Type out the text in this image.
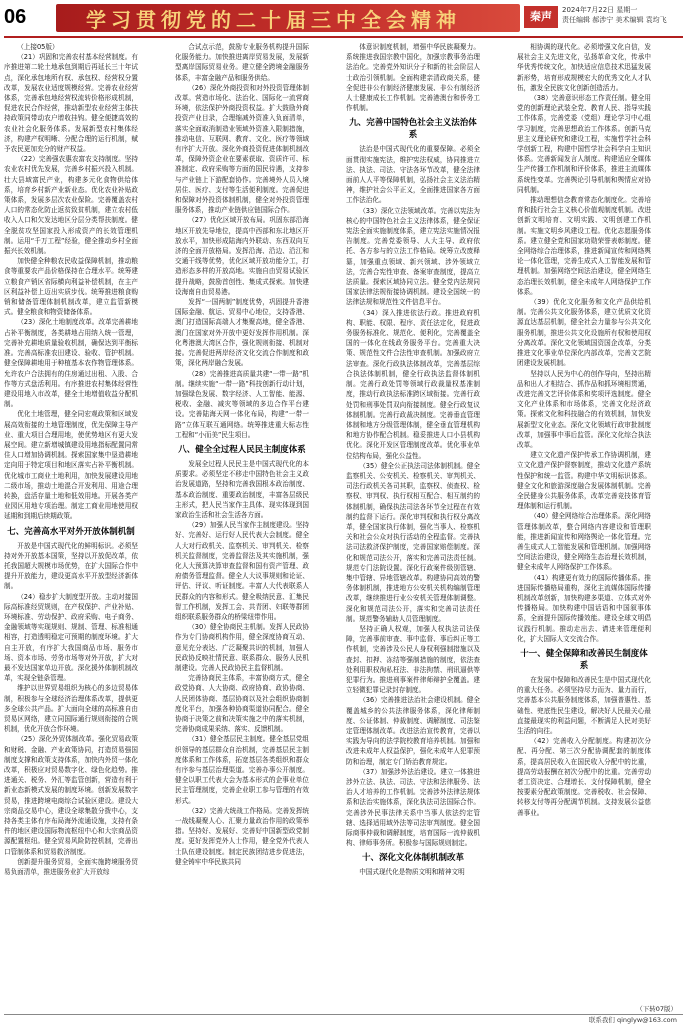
06	学习贯彻党的二十届三中全会精神	秦声	2024年7月22日 星期一
责任编辑 郝涉宁 美术编辑 袁均飞

（上接05版）

（21）巩固和完善农村基本经营制度。有序推进第二轮土地承包到期后再延长三十年试点，深化承包地所有权、承包权、经营权分置改革，发展农业适度规模经营。完善农业经营体系，完善承包地经营权流转价格形成机制，促进农民合作经营，推动新型农业经营主体扶持政策同带动农户增收挂钩。健全便捷高效的农业社会化服务体系。发展新型农村集体经济，构建产权明晰、分配合理的运行机制，赋予农民更加充分的财产权益。

（22）完善强农惠农富农支持制度。坚持农业农村优先发展，完善乡村振兴投入机制。壮大县域富民产业，构建多元化食物供给体系，培育乡村新产业新业态。优化农业补贴政策体系，发展多层次农业保险。完善覆盖农村人口的常态化防止返贫致贫机制，建立农村低收入人口和欠发达地区分层分类帮扶制度。健全脱贫攻坚国家投入形成资产的长效管理机制。运用“千万工程”经验，健全推动乡村全面振兴长效机制。

加快健全种粮农民收益保障机制，推动粮食等重要农产品价格保持在合理水平。统筹建立粮食产销区省际横向利益补偿机制，在主产区利益补偿上迈出实质步伐。统筹推进粮食购销和储备管理体制机制改革，建立监管新模式。健全粮食和物资储备体系。

（23）深化土地制度改革。改革完善耕地占补平衡制度，各类耕地占用纳入统一管理，完善补充耕地质量验收机制，确保达到平衡标准。完善高标准农田建设、验收、管护机制。健全保障耕地用于种植基本农作物管理体系。允许农户合法拥有的住房通过出租、入股、合作等方式盘活利用。有序推进农村集体经营性建设用地入市改革，健全土地增值收益分配机制。

优化土地管理，健全同宏观政策和区域发展高效衔接的土地管理制度，优先保障主导产业、重大项目合理用地，使优势地区有更大发展空间。建立新增城镇建设用地指标配置同常住人口增加协调机制。探索国家集中垦造耕地定向用于特定项目和地区落实占补平衡机制。优化城市工商业土地利用，加快发展建设用地二级市场，推动土地混合开发利用、用途合理转换，盘活存量土地和低效用地。开展各类产业园区用地专项治理。制定工商业用地使用权延期和到期后续期政策。

七、完善高水平对外开放体制机制

开放是中国式现代化的鲜明标识。必须坚持对外开放基本国策，坚持以开放促改革，依托我国超大规模市场优势，在扩大国际合作中提升开放能力，建设更高水平开放型经济新体制。

（24）稳步扩大制度型开放。主动对接国际高标准经贸规则，在产权保护、产业补贴、环境标准、劳动保护、政府采购、电子商务、金融领域等实现规则、规制、管理、标准相通相容，打造透明稳定可预期的制度环境。扩大自主开放，有序扩大我国商品市场、服务市场、资本市场、劳务市场等对外开放，扩大对最不发达国家单边开放。深化援外体制机制改革，实现全链条管理。

维护以世界贸易组织为核心的多边贸易体制，积极参与全球经济治理体系改革，提供更多全球公共产品。扩大面向全球的高标准自由贸易区网络，建立同国际通行规则衔接的合规机制，优化开放合作环境。

（25）深化外贸体制改革。强化贸易政策和财税、金融、产业政策协同，打造贸易强国制度支撑和政策支持体系，加快内外贸一体化改革，积极应对贸易数字化、绿色化趋势。推进通关、税务、外汇等监管创新，营造有利于新业态新模式发展的制度环境。创新发展数字贸易，推进跨境电商综合试验区建设。建设大宗商品交易中心，建设全球集散分拨中心，支持各类主体有序布局海外流通设施，支持有条件的地区建设国际物流枢纽中心和大宗商品资源配置枢纽。健全贸易风险防控机制，完善出口管制体系和贸易救济制度。

创新提升服务贸易，全面实施跨境服务贸易负面清单，推进服务业扩大开放综

合试点示范，鼓励专业服务机构提升国际化服务能力。加快推进离岸贸易发展，发展新型离岸国际贸易业务。建立健全跨境金融服务体系，丰富金融产品和服务供给。

（26）深化外商投资和对外投资管理体制改革。营造市场化、法治化、国际化一流营商环境，依法保护外商投资权益。扩大鼓励外商投资产业目录，合理缩减外资准入负面清单，落实全面取消制造业领域外资准入限制措施，推动电信、互联网、教育、文化、医疗等领域有序扩大开放。深化外商投资促进体制机制改革，保障外资企业在要素获取、资质许可、标准制定、政府采购等方面的国民待遇，支持参与产业链上下游配套协作。完善境外人员入境居住、医疗、支付等生活便利制度。完善促进和保障对外投资体制机制，健全对外投资管理服务体系，推动产业链供应链国际合作。

（27）优化区域开放布局。巩固东部沿海地区开放先导地位，提高中西部和东北地区开放水平，加快形成陆海内外联动、东西双向互济的全面开放格局。发挥沿海、沿边、沿江和交通干线等优势，优化区域开放功能分工，打造形态多样的开放高地。实施自由贸易试验区提升战略，鼓励首创性、集成式探索。加快建设海南自由贸易港。

发挥“一国两制”制度优势，巩固提升香港国际金融、航运、贸易中心地位，支持香港、澳门打造国际高端人才集聚高地，健全香港、澳门在国家对外开放中更好发挥作用机制。深化粤港澳大湾区合作，强化规则衔接、机制对接。完善促进两岸经济文化交流合作制度和政策，深化两岸融合发展。

（28）完善推进高质量共建“一带一路”机制。继续实施“一带一路”科技创新行动计划，加强绿色发展、数字经济、人工智能、能源、税收、金融、减灾等领域的多边合作平台建设。完善陆海天网一体化布局，构建“一带一路”立体互联互通网络。统筹推进重大标志性工程和“小而美”民生项目。

八、健全全过程人民民主制度体系

发展全过程人民民主是中国式现代化的本质要求。必须坚定不移走中国特色社会主义政治发展道路，坚持和完善我国根本政治制度、基本政治制度、重要政治制度，丰富各层级民主形式，把人民当家作主具体、现实体现到国家政治生活和社会生活各方面。

（29）加强人民当家作主制度建设。坚持好、完善好、运行好人民代表大会制度。健全人大对行政机关、监察机关、审判机关、检察机关监督制度，完善监督法及其实施机制，强化人大预算决算审查监督和国有资产管理、政府债务管理监督。健全人大议事规则和论证、评估、评议、听证制度。丰富人大代表联系人民群众的内容和形式。健全吸纳民意、汇集民智工作机制，发挥工会、共青团、妇联等群团组织联系服务群众的桥梁纽带作用。

（30）健全协商民主机制。发挥人民政协作为专门协商机构作用，健全深度协商互动、意见充分表达、广泛凝聚共识的机制，加强人民政协反映社情民意、联系群众、服务人民机制建设。完善人民政协民主监督机制。

完善协商民主体系，丰富协商方式，健全政党协商、人大协商、政府协商、政协协商、人民团体协商、基层协商以及社会组织协商制度化平台，加强各种协商渠道协同配合。健全协商于决策之前和决策实施之中的落实机制，完善协商成果采纳、落实、反馈机制。

（31）健全基层民主制度。健全基层党组织领导的基层群众自治机制，完善基层民主制度体系和工作体系，拓宽基层各类组织和群众有序参与基层治理渠道。完善办事公开制度。健全以职工代表大会为基本形式的企事业单位民主管理制度，完善企业职工参与管理的有效形式。

（32）完善大统战工作格局。完善发挥统一战线凝聚人心、汇聚力量政治作用的政策举措。坚持好、发展好、完善好中国新型政党制度。更好发挥党外人士作用，健全党外代表人士队伍建设制度。制定民族团结进步促进法，健全铸牢中华民族共同

体意识制度机制，增强中华民族凝聚力。系统推进我国宗教中国化，加强宗教事务治理法治化。完善党外知识分子和新的社会阶层人士政治引领机制。全面构建亲清政商关系，健全促进非公有制经济健康发展、非公有制经济人士健康成长工作机制。完善港澳台和侨务工作机制。

九、完善中国特色社会主义法治体系

法治是中国式现代化的重要保障。必须全面贯彻实施宪法，维护宪法权威，协同推进立法、执法、司法、守法各环节改革，健全法律面前人人平等保障机制，弘扬社会主义法治精神，维护社会公平正义，全面推进国家各方面工作法治化。

（33）深化立法领域改革。完善以宪法为核心的中国特色社会主义法律体系，健全保证宪法全面实施制度体系，建立宪法实施情况报告制度。完善党委领导、人大主导、政府依托、各方参与的立法工作格局。统筹立改废释纂，加强重点领域、新兴领域、涉外领域立法，完善合宪性审查、备案审查制度，提高立法质量。探索区域协同立法。健全党内法规同国家法律法规衔接协调机制。建设全国统一的法律法规和规范性文件信息平台。

（34）深入推进依法行政。推进政府机构、职能、权限、程序、责任法定化，促进政务服务标准化、规范化、便利化，完善覆盖全国的一体化在线政务服务平台。完善重大决策、规范性文件合法性审查机制。加强政府立法审查。深化行政执法体制改革，完善基层综合执法体制机制，健全行政执法监督体制机制。完善行政处罚等领域行政裁量权基准制度，推动行政执法标准跨区域衔接。完善行政处罚和刑事处罚双向衔接制度。健全行政复议体制机制。完善行政裁决制度。完善垂直管理体制和地方分级管理体制，健全垂直管理机构和地方协作配合机制。稳妥推进人口小县机构优化。深化开发区管理制度改革。优化事业单位结构布局，强化公益性。

（35）健全公正执法司法体制机制。健全监察机关、公安机关、检察机关、审判机关、司法行政机关各司其职，监察权、侦查权、检察权、审判权、执行权相互配合、相互制约的体制机制，确保执法司法各环节全过程在有效制约监督下运行。深化审判权和执行权分离改革，健全国家执行体制，强化当事人、检察机关和社会公众对执行活动的全程监督。完善执法司法救济保护制度，完善国家赔偿制度。深化和规范司法公开，落实和完善司法责任制。规范专门法院设置。深化行政案件级别管辖、集中管辖、异地管辖改革。构建协同高效的警务体制机制，推进地方公安机关机构编制管理改革，继续推进行业公安机关管理体制调整。深化和规范司法公开，落实和完善司法责任制。规范警务辅助人员管理制度。

坚持正确人权观，加强人权执法司法保障，完善事前审查、事中监督、事后纠正等工作机制，完善涉及公民人身权利强制措施以及查封、扣押、冻结等强制措施的制度，依法查处利用职权徇私枉法、非法拘禁、刑讯逼供等犯罪行为。推进刑事案件律师辩护全覆盖。建立轻微犯罪记录封存制度。

（36）完善推进法治社会建设机制。健全覆盖城乡的公共法律服务体系，深化律师制度、公证体制、仲裁制度、调解制度、司法鉴定管理体制改革。改进法治宣传教育，完善以实践为导向的法学院校教育培养机制。加强和改进未成年人权益保护，强化未成年人犯罪预防和治理，制定专门矫治教育规定。

（37）加强涉外法治建设。建立一体推进涉外立法、执法、司法、守法和法律服务、法治人才培养的工作机制。完善涉外法律法规体系和法治实施体系，深化执法司法国际合作。完善涉外民事法律关系中当事人依法约定管辖、选择适用域外法等司法审判制度。健全国际商事仲裁和调解制度，培育国际一流仲裁机构、律师事务所。积极参与国际规则制定。

十、深化文化体制机制改革

中国式现代化是物质文明和精神文明

相协调的现代化。必须增强文化自信，发展社会主义先进文化，弘扬革命文化，传承中华优秀传统文化，加快适应信息技术迅猛发展新形势，培育形成规模宏大的优秀文化人才队伍，激发全民族文化创新创造活力。

（38）完善意识形态工作责任制。健全用党的创新理论武装全党、教育人民、指导实践工作体系，完善党委（党组）理论学习中心组学习制度，完善思想政治工作体系。创新马克思主义理论研究和建设工程，实施哲学社会科学创新工程，构建中国哲学社会科学自主知识体系。完善新闻发言人制度。构建适应全媒体生产传播工作机制和评价体系，推进主流媒体系统性变革。完善舆论引导机制和舆情应对协同机制。

推动理想信念教育常态化制度化。完善培育和践行社会主义核心价值观制度机制。改进创新文明培育、文明实践、文明创建工作机制。实施文明乡风建设工程。优化志愿服务体系。建立健全党和国家功勋荣誉表彰制度。健全网络综合治理体系，推进新闻宣传和网络舆论一体化管理，完善生成式人工智能发展和管理机制。加强网络空间法治建设，健全网络生态治理长效机制，健全未成年人网络保护工作体系。

（39）优化文化服务和文化产品供给机制。完善公共文化服务体系，建立优质文化资源直达基层机制，健全社会力量参与公共文化服务机制，推进公共文化设施所有权和使用权分离改革。深化文化领域国资国企改革，分类推进文化事业单位深化内部改革，完善文艺院团建设发展机制。

坚持以人民为中心的创作导向，坚持出精品和出人才相结合、抓作品和抓环境相贯通，改进完善文艺评价体系和奖项评选制度。健全文化产业体系和市场体系，完善文化经济政策。探索文化和科技融合的有效机制，加快发展新型文化业态。深化文化领域行政审批制度改革，加强事中事后监管。深化文化综合执法改革。

建立文化遗产保护传承工作协调机制，建立文化遗产保护督察制度，推动文化遗产系统性保护和统一监管。构建中华文明标识体系。健全文化和旅游深度融合发展体制机制。完善全民健身公共服务体系，改革完善竞技体育管理体制和运行机制。

（40）健全网络综合治理体系。深化网络管理体制改革，整合网络内容建设和管理职能，推进新闻宣传和网络舆论一体化管理。完善生成式人工智能发展和管理机制。加强网络空间法治建设，健全网络生态治理长效机制，健全未成年人网络保护工作体系。

（41）构建更有效力的国际传播体系。推进国际传播格局重构，深化主流媒体国际传播机制改革创新，加快构建多渠道、立体式对外传播格局。加快构建中国话语和中国叙事体系，全面提升国际传播效能。建设全球文明倡议践行机制。推动走出去、请进来管理便利化，扩大国际人文交流合作。

十一、健全保障和改善民生制度体系

在发展中保障和改善民生是中国式现代化的重大任务。必须坚持尽力而为、量力而行，完善基本公共服务制度体系，加强普惠性、基础性、兜底性民生建设，解决好人民最关心最直接最现实的利益问题，不断满足人民对美好生活的向往。

（42）完善收入分配制度。构建初次分配、再分配、第三次分配协调配套的制度体系，提高居民收入在国民收入分配中的比重，提高劳动报酬在初次分配中的比重。完善劳动者工资决定、合理增长、支付保障机制，健全按要素分配政策制度。完善税收、社会保障、转移支付等再分配调节机制。支持发展公益慈善事业。

（下转07版）
联系我们 qinglyw@163.com
